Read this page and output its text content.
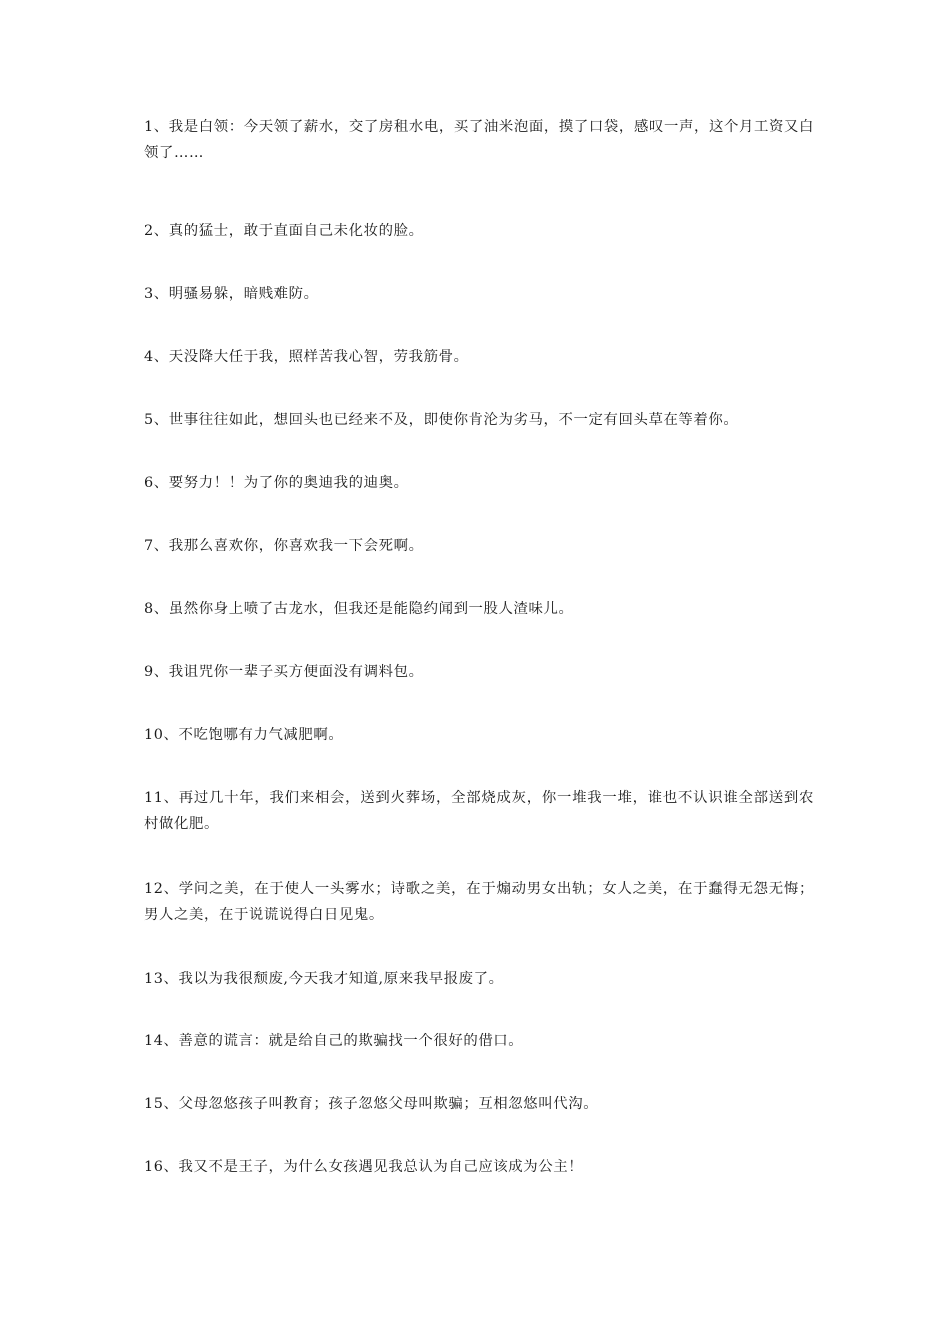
1、我是白领：今天领了薪水，交了房租水电，买了油米泡面，摸了口袋，感叹一声，这个月工资又白领了……

2、真的猛士，敢于直面自己未化妆的脸。

3、明骚易躲，暗贱难防。

4、天没降大任于我，照样苦我心智，劳我筋骨。

5、世事往往如此，想回头也已经来不及，即使你肯沦为劣马，不一定有回头草在等着你。

6、要努力！！为了你的奥迪我的迪奥。

7、我那么喜欢你，你喜欢我一下会死啊。

8、虽然你身上喷了古龙水，但我还是能隐约闻到一股人渣味儿。

9、我诅咒你一辈子买方便面没有调料包。

10、不吃饱哪有力气减肥啊。

11、再过几十年，我们来相会，送到火葬场，全部烧成灰，你一堆我一堆，谁也不认识谁全部送到农村做化肥。

12、学问之美，在于使人一头雾水；诗歌之美，在于煽动男女出轨；女人之美，在于蠢得无怨无悔；男人之美，在于说谎说得白日见鬼。

13、我以为我很颓废,今天我才知道,原来我早报废了。

14、善意的谎言：就是给自己的欺骗找一个很好的借口。

15、父母忽悠孩子叫教育；孩子忽悠父母叫欺骗；互相忽悠叫代沟。

16、我又不是王子，为什么女孩遇见我总认为自己应该成为公主！
